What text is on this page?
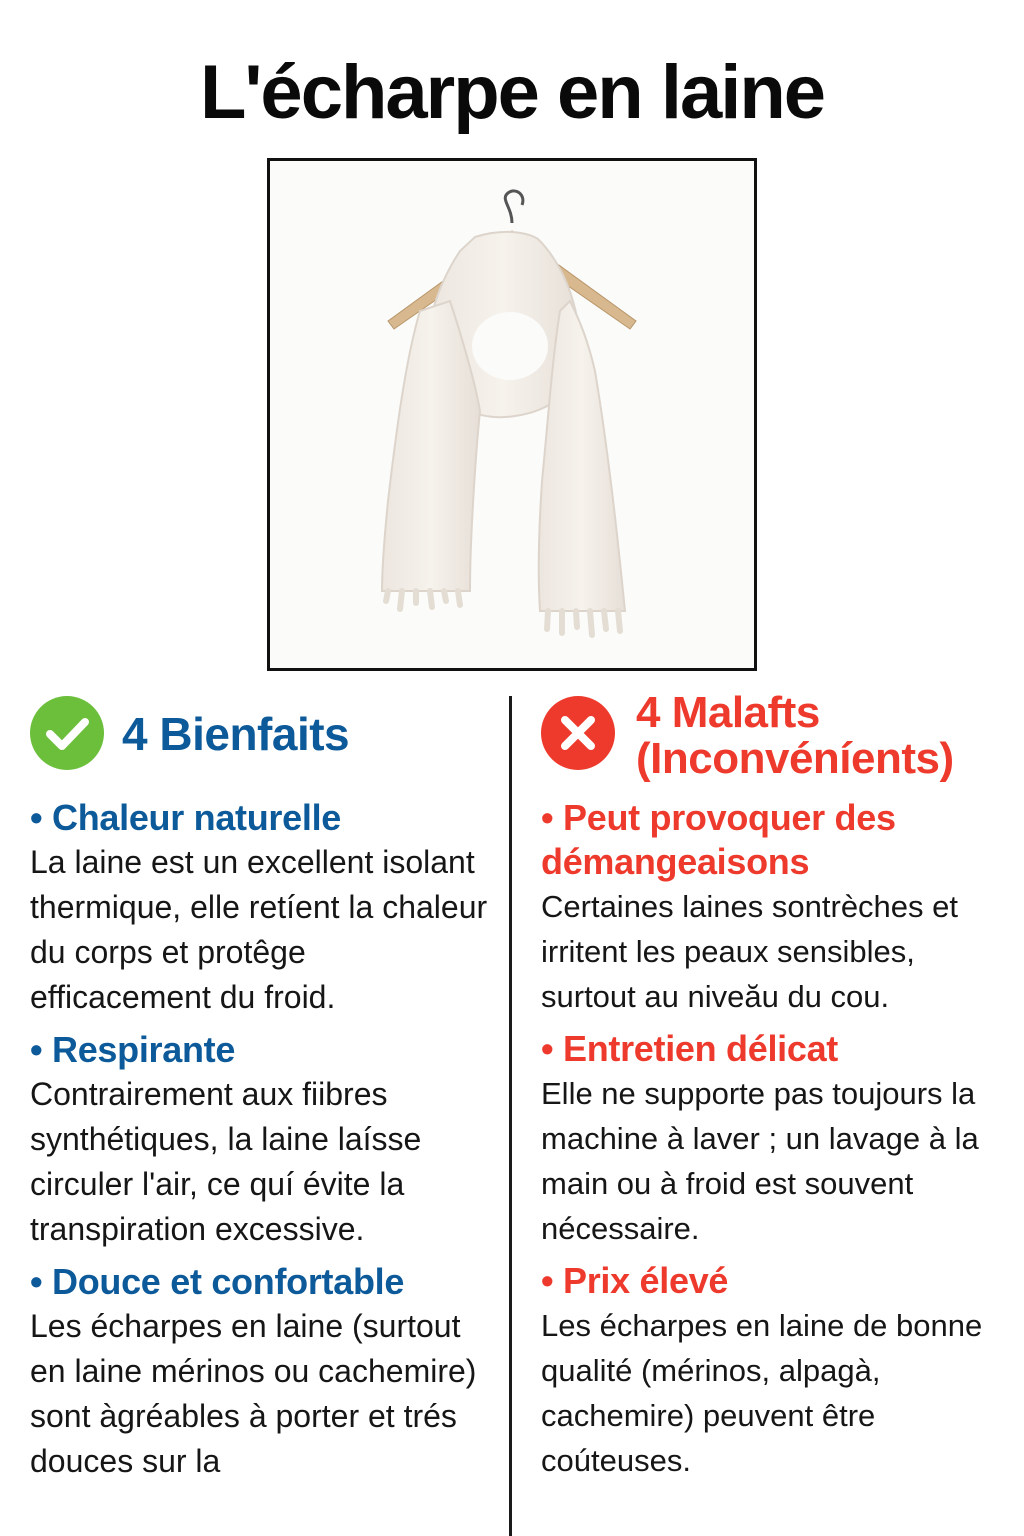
L'écharpe en laine
4 Bienfaits
• Chaleur naturelle
La laine est un excellent isolant thermique, elle retíent la chaleur du corps et protêge efficacement du froid.
• Respirante
Contrairement aux fiibres synthétiques, la laine laísse circuler l'air, ce quí évite la transpiration excessive.
• Douce et confortable
Les écharpes en laine (surtout en laine mérinos ou cachemire) sont àgréables à porter et trés douces sur la
4 Malafts (Inconvéníents)
• Peut provoquer des démangeaisons
Certaines laines sontrèches et irritent les peaux sensibles, surtout au niveău du cou.
• Entretien délicat
Elle ne supporte pas toujours la machine à laver ; un lavage à la main ou à froid est souvent nécessaire.
• Prix élevé
Les écharpes en laine de bonne qualité (mérinos, alpagà, cachemire) peuvent être coúteuses.
